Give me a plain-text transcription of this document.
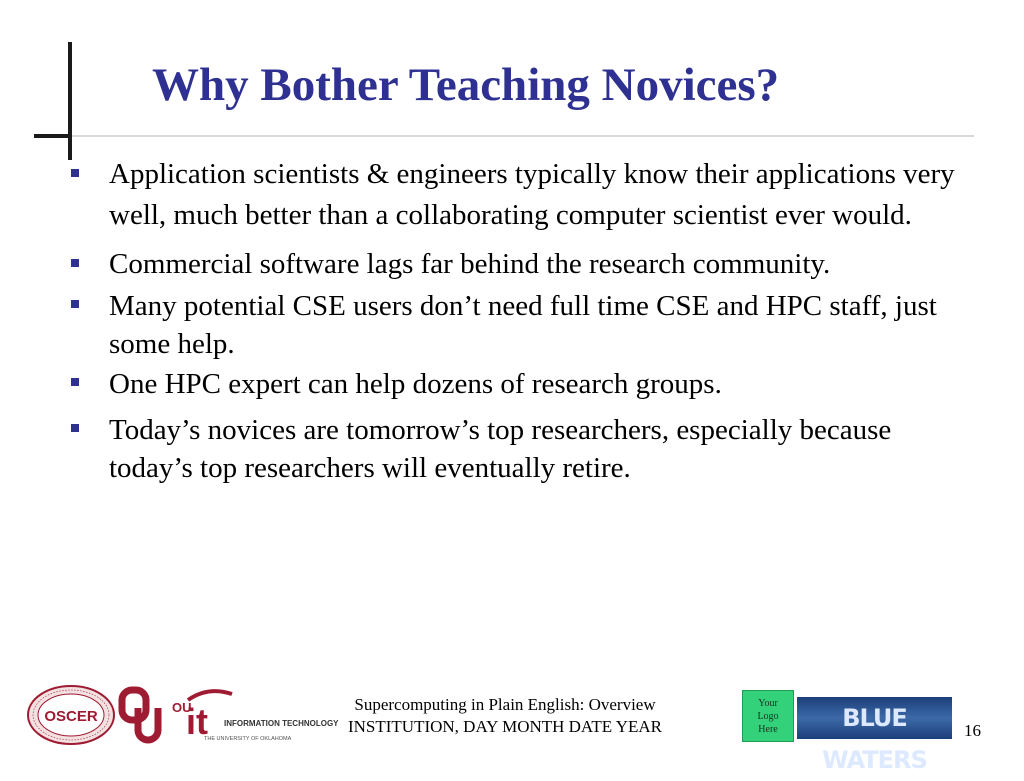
Why Bother Teaching Novices?
Application scientists & engineers typically know their applications very well, much better than a collaborating computer scientist ever would.
Commercial software lags far behind the research community.
Many potential CSE users don’t need full time CSE and HPC staff, just some help.
One HPC expert can help dozens of research groups.
Today’s novices are tomorrow’s top researchers, especially because today’s top researchers will eventually retire.
OSCER
OU
it INFORMATION TECHNOLOGY
THE UNIVERSITY OF OKLAHOMA
Supercomputing in Plain English: Overview
INSTITUTION, DAY MONTH DATE YEAR
Your Logo Here	BLUE WATERS
16
